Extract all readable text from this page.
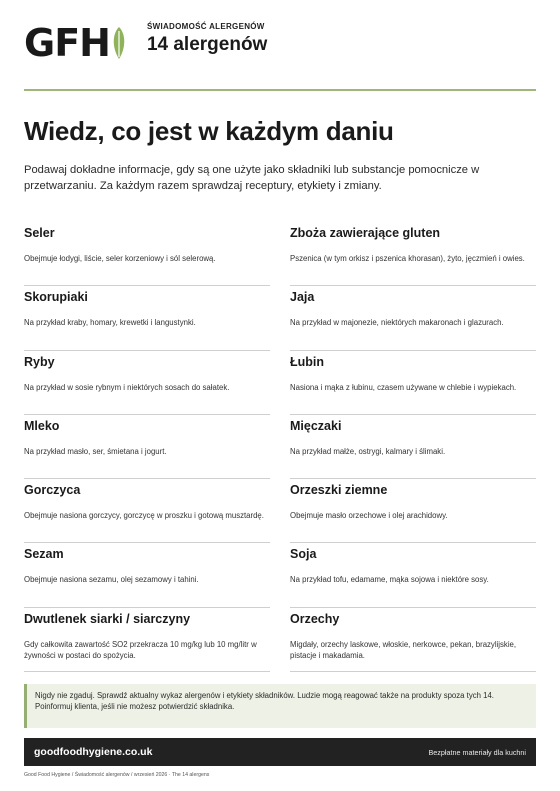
GFH	ŚWIADOMOŚĆ ALERGENÓW
14 alergenów
Wiedz, co jest w każdym daniu

Podawaj dokładne informacje, gdy są one użyte jako składniki lub substancje pomocnicze w przetwarzaniu. Za każdym razem sprawdzaj receptury, etykiety i zmiany.

Seler
Obejmuje łodygi, liście, seler korzeniowy i sól selerową.
Zboża zawierające gluten
Pszenica (w tym orkisz i pszenica khorasan), żyto, jęczmień i owies.
Skorupiaki
Na przykład kraby, homary, krewetki i langustynki.
Jaja
Na przykład w majonezie, niektórych makaronach i glazurach.
Ryby
Na przykład w sosie rybnym i niektórych sosach do sałatek.
Łubin
Nasiona i mąka z łubinu, czasem używane w chlebie i wypiekach.
Mleko
Na przykład masło, ser, śmietana i jogurt.
Mięczaki
Na przykład małże, ostrygi, kalmary i ślimaki.
Gorczyca
Obejmuje nasiona gorczycy, gorczycę w proszku i gotową musztardę.
Orzeszki ziemne
Obejmuje masło orzechowe i olej arachidowy.
Sezam
Obejmuje nasiona sezamu, olej sezamowy i tahini.
Soja
Na przykład tofu, edamame, mąka sojowa i niektóre sosy.
Dwutlenek siarki / siarczyny
Gdy całkowita zawartość SO2 przekracza 10 mg/kg lub 10 mg/litr w żywności w postaci do spożycia.
Orzechy
Migdały, orzechy laskowe, włoskie, nerkowce, pekan, brazylijskie, pistacje i makadamia.
Nigdy nie zgaduj. Sprawdź aktualny wykaz alergenów i etykiety składników. Ludzie mogą reagować także na produkty spoza tych 14. Poinformuj klienta, jeśli nie możesz potwierdzić składnika.
goodfoodhygiene.co.uk	Bezpłatne materiały dla kuchni
Good Food Hygiene / Świadomość alergenów / wrzesień 2026 · The 14 alergens
